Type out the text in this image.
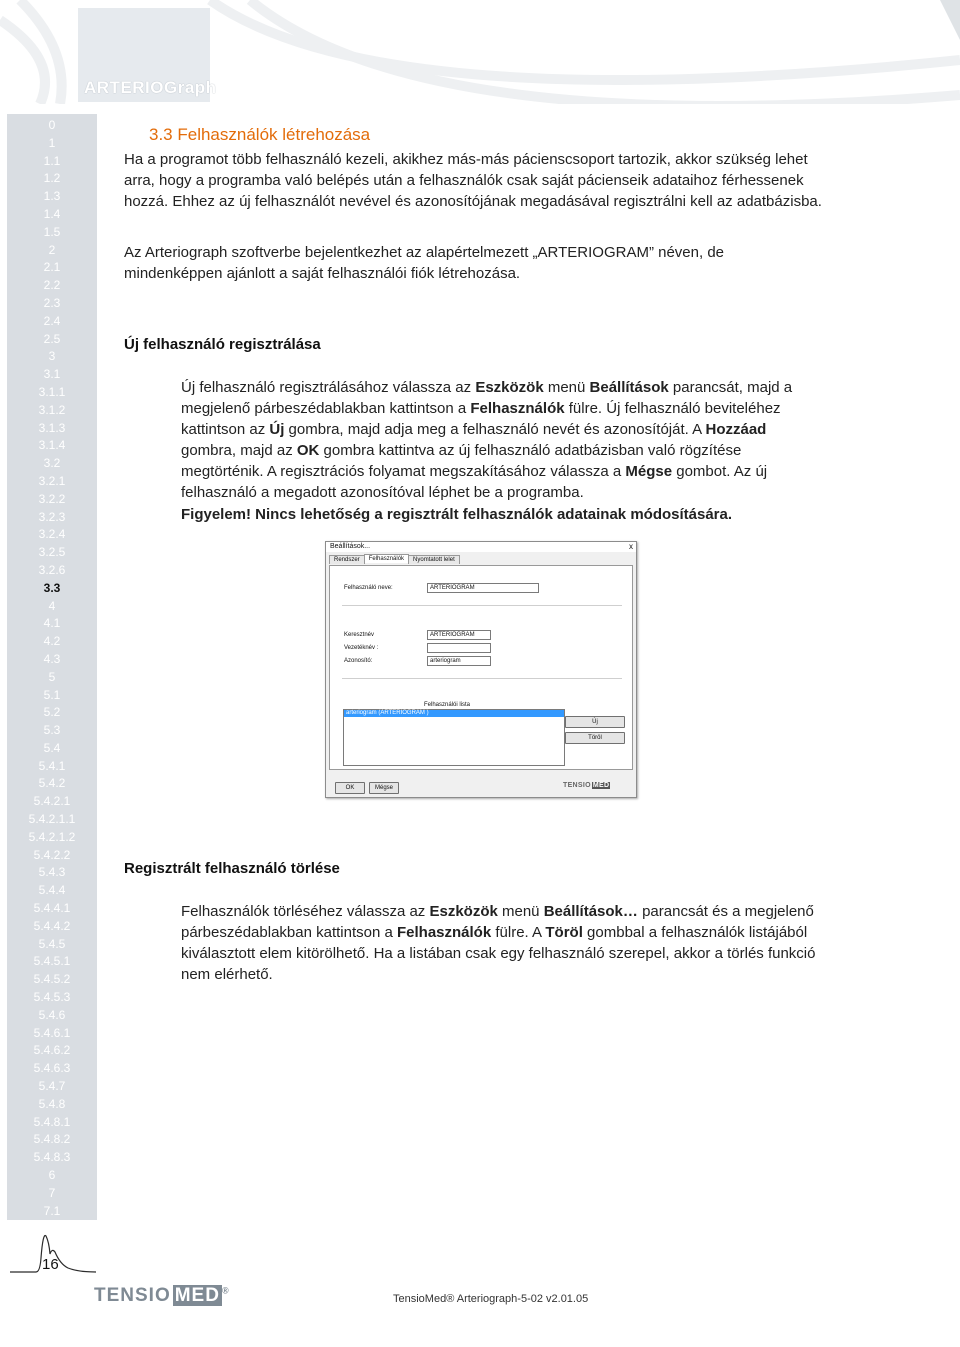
ARTERIOGraph
0
1
1.1
1.2
1.3
1.4
1.5
2
2.1
2.2
2.3
2.4
2.5
3
3.1
3.1.1
3.1.2
3.1.3
3.1.4
3.2
3.2.1
3.2.2
3.2.3
3.2.4
3.2.5
3.2.6
3.3
4
4.1
4.2
4.3
5
5.1
5.2
5.3
5.4
5.4.1
5.4.2
5.4.2.1
5.4.2.1.1
5.4.2.1.2
5.4.2.2
5.4.3
5.4.4
5.4.4.1
5.4.4.2
5.4.5
5.4.5.1
5.4.5.2
5.4.5.3
5.4.6
5.4.6.1
5.4.6.2
5.4.6.3
5.4.7
5.4.8
5.4.8.1
5.4.8.2
5.4.8.3
6
7
7.1
3.3 Felhasználók létrehozása

Ha a programot több felhasználó kezeli, akikhez más-más pácienscsoport tartozik, akkor szükség lehet arra, hogy a programba való belépés után a felhasználók csak saját pácienseik adataihoz férhessenek hozzá. Ehhez az új felhasználót nevével és azonosítójának megadásával regisztrálni kell az adatbázisba.

Az Arteriograph szoftverbe bejelentkezhet az alapértelmezett „ARTERIOGRAM” néven, de mindenképpen ajánlott a saját felhasználói fiók létrehozása.

Új felhasználó regisztrálása

Új felhasználó regisztrálásához válassza az Eszközök menü Beállítások parancsát, majd a megjelenő párbeszédablakban kattintson a Felhasználók fülre. Új felhasználó beviteléhez kattintson az Új gombra, majd adja meg a felhasználó nevét és azonosítóját. A Hozzáad gombra, majd az OK gombra kattintva az új felhasználó adatbázisban való rögzítése megtörténik. A regisztrációs folyamat megszakításához válassza a Mégse gombot. Az új felhasználó a megadott azonosítóval léphet be a programba.

Figyelem! Nincs lehetőség a regisztrált felhasználók adatainak módosítására.

Beállítások...	x
Rendszer Felhasználók Nyomtatott lelet
Felhasználó neve:	ARTERIOGRAM
Keresztnév	ARTERIOGRAM
Vezetéknév :
Azonosító:	arteriogram
Felhasználói lista
arteriogram (ARTERIOGRAM )
Új
Töröl
OK	Mégse	TENSIO MED
Regisztrált felhasználó törlése

Felhasználók törléséhez válassza az Eszközök menü Beállítások… parancsát és a megjelenő párbeszédablakban kattintson a Felhasználók fülre. A Töröl gombbal a felhasználók listájából kiválasztott elem kitörölhető. Ha a listában csak egy felhasználó szerepel, akkor a törlés funkció nem elérhető.

16
TENSIO MED ®
TensioMed® Arteriograph-5-02 v2.01.05
